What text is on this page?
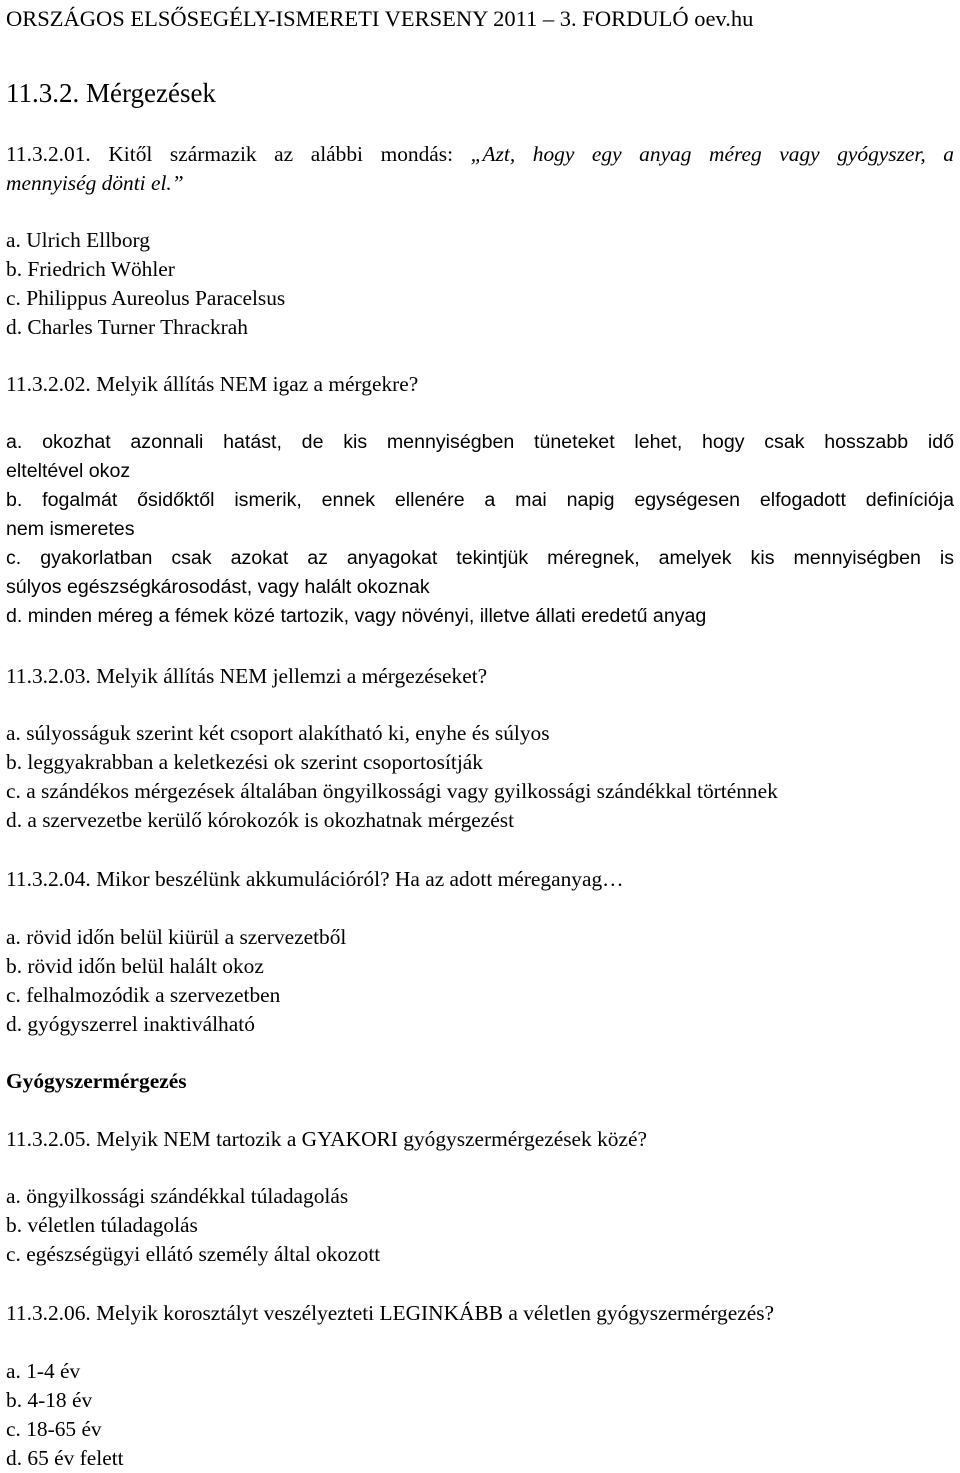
ORSZÁGOS ELSŐSEGÉLY-ISMERETI VERSENY 2011 – 3. FORDULÓ oev.hu
11.3.2. Mérgezések
11.3.2.01. Kitől származik az alábbi mondás: „Azt, hogy egy anyag méreg vagy gyógyszer, a
mennyiség dönti el.”
a. Ulrich Ellborg
b. Friedrich Wöhler
c. Philippus Aureolus Paracelsus
d. Charles Turner Thrackrah
11.3.2.02. Melyik állítás NEM igaz a mérgekre?
a. okozhat azonnali hatást, de kis mennyiségben tüneteket lehet, hogy csak hosszabb idő
elteltével okoz
b. fogalmát ősidőktől ismerik, ennek ellenére a mai napig egységesen elfogadott definíciója
nem ismeretes
c. gyakorlatban csak azokat az anyagokat tekintjük méregnek, amelyek kis mennyiségben is
súlyos egészségkárosodást, vagy halált okoznak
d. minden méreg a fémek közé tartozik, vagy növényi, illetve állati eredetű anyag
11.3.2.03. Melyik állítás NEM jellemzi a mérgezéseket?
a. súlyosságuk szerint két csoport alakítható ki, enyhe és súlyos
b. leggyakrabban a keletkezési ok szerint csoportosítják
c. a szándékos mérgezések általában öngyilkossági vagy gyilkossági szándékkal történnek
d. a szervezetbe kerülő kórokozók is okozhatnak mérgezést
11.3.2.04. Mikor beszélünk akkumulációról? Ha az adott méreganyag…
a. rövid időn belül kiürül a szervezetből
b. rövid időn belül halált okoz
c. felhalmozódik a szervezetben
d. gyógyszerrel inaktiválható
Gyógyszermérgezés
11.3.2.05. Melyik NEM tartozik a GYAKORI gyógyszermérgezések közé?
a. öngyilkossági szándékkal túladagolás
b. véletlen túladagolás
c. egészségügyi ellátó személy által okozott
11.3.2.06. Melyik korosztályt veszélyezteti LEGINKÁBB a véletlen gyógyszermérgezés?
a. 1-4 év
b. 4-18 év
c. 18-65 év
d. 65 év felett
